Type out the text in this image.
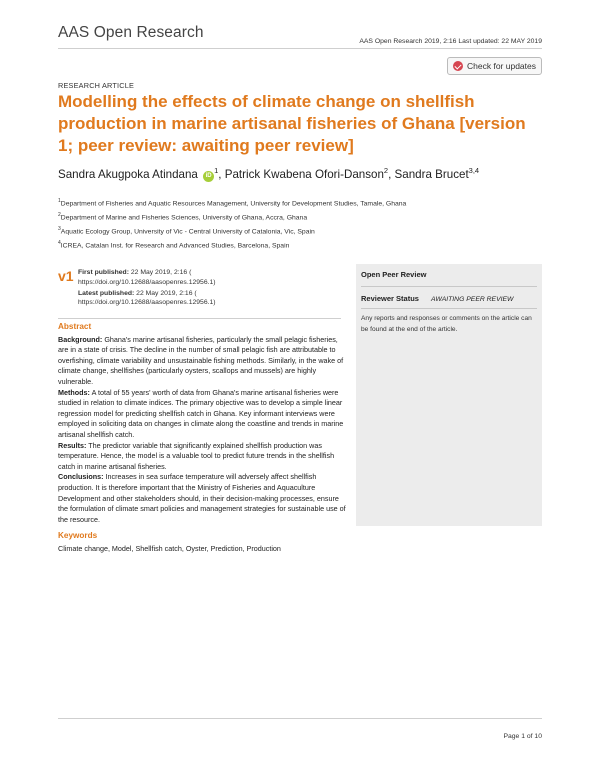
AAS Open Research
AAS Open Research 2019, 2:16 Last updated: 22 MAY 2019
Check for updates
RESEARCH ARTICLE
Modelling the effects of climate change on shellfish production in marine artisanal fisheries of Ghana [version 1; peer review: awaiting peer review]
Sandra Akugpoka Atindana $iD^1$, Patrick Kwabena Ofori-Danson$^2$, Sandra Brucet$^{3,4}$
$^1$Department of Fisheries and Aquatic Resources Management, University for Development Studies, Tamale, Ghana
$^2$Department of Marine and Fisheries Sciences, University of Ghana, Accra, Ghana
$^3$Aquatic Ecology Group, University of Vic - Central University of Catalonia, Vic, Spain
$^4$ICREA, Catalan Inst. for Research and Advanced Studies, Barcelona, Spain
v1 First published: 22 May 2019, 2:16 (
https://doi.org/10.12688/aasopenres.12956.1)
Latest published: 22 May 2019, 2:16 (
https://doi.org/10.12688/aasopenres.12956.1)
Abstract

Background: Ghana's marine artisanal fisheries, particularly the small pelagic fisheries, are in a state of crisis. The decline in the number of small pelagic fish are attributable to overfishing, climate variability and unsustainable fishing methods. Similarly, in the wake of climate change, shellfishes (particularly oysters, scallops and mussels) are highly vulnerable.

Methods: A total of 55 years' worth of data from Ghana's marine artisanal fisheries were studied in relation to climate indices. The primary objective was to develop a simple linear regression model for predicting shellfish catch in Ghana. Key informant interviews were employed in soliciting data on changes in climate along the coastline and trends in marine artisanal shellfish catch.

Results: The predictor variable that significantly explained shellfish production was temperature. Hence, the model is a valuable tool to predict future trends in the shellfish catch in marine artisanal fisheries.

Conclusions: Increases in sea surface temperature will adversely affect shellfish production. It is therefore important that the Ministry of Fisheries and Aquaculture Development and other stakeholders should, in their decision-making processes, ensure the formulation of climate smart policies and management strategies for sustainable use of the resource.

Keywords

Climate change, Model, Shellfish catch, Oyster, Prediction, Production

Open Peer Review
Reviewer Status AWAITING PEER REVIEW
Any reports and responses or comments on the article can be found at the end of the article.
Page 1 of 10
